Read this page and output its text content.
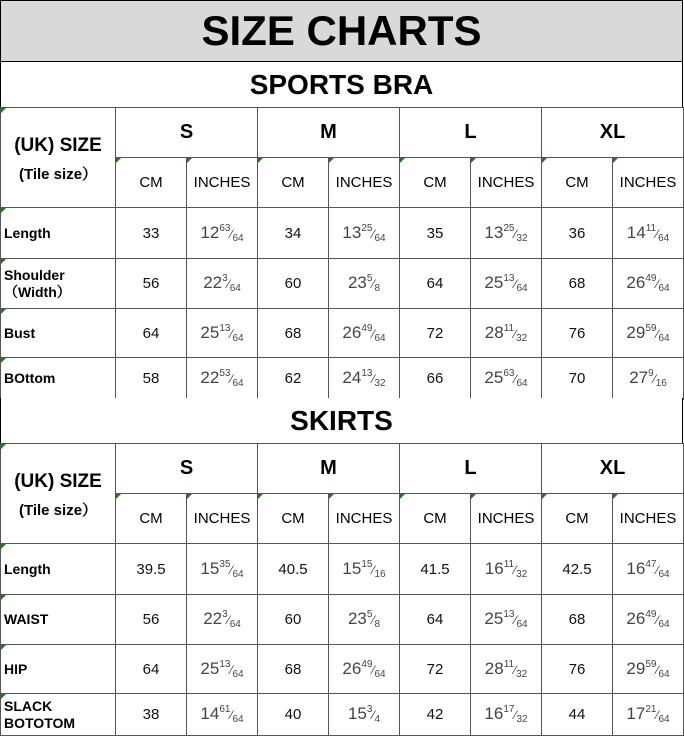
SIZE CHARTS
SPORTS BRA
(UK) SIZE
(Tile size）	S		M		L		XL	
	CM	INCHES	CM	INCHES	CM	INCHES	CM	INCHES

Length	33	$12^{63}⁄_{64}$	34	$13^{25}⁄_{64}$	35	$13^{25}⁄_{32}$	36	$14^{11}⁄_{64}$

Shoulder
（Width）	56	$22^3⁄_{64}$	60	$23^5⁄_8$	64	$25^{13}⁄_{64}$	68	$26^{49}⁄_{64}$

Bust	64	$25^{13}⁄_{64}$	68	$26^{49}⁄_{64}$	72	$28^{11}⁄_{32}$	76	$29^{59}⁄_{64}$

BOttom	58	$22^{53}⁄_{64}$	62	$24^{13}⁄_{32}$	66	$25^{63}⁄_{64}$	70	$27^9⁄_{16}$
SKIRTS
(UK) SIZE
(Tile size）	S		M		L		XL	
	CM	INCHES	CM	INCHES	CM	INCHES	CM	INCHES

Length	39.5	$15^{35}⁄_{64}$	40.5	$15^{15}⁄_{16}$	41.5	$16^{11}⁄_{32}$	42.5	$16^{47}⁄_{64}$

WAIST	56	$22^3⁄_{64}$	60	$23^5⁄_8$	64	$25^{13}⁄_{64}$	68	$26^{49}⁄_{64}$

HIP	64	$25^{13}⁄_{64}$	68	$26^{49}⁄_{64}$	72	$28^{11}⁄_{32}$	76	$29^{59}⁄_{64}$

SLACK
BOTOTOM	38	$14^{61}⁄_{64}$	40	$15^3⁄_4$	42	$16^{17}⁄_{32}$	44	$17^{21}⁄_{64}$
